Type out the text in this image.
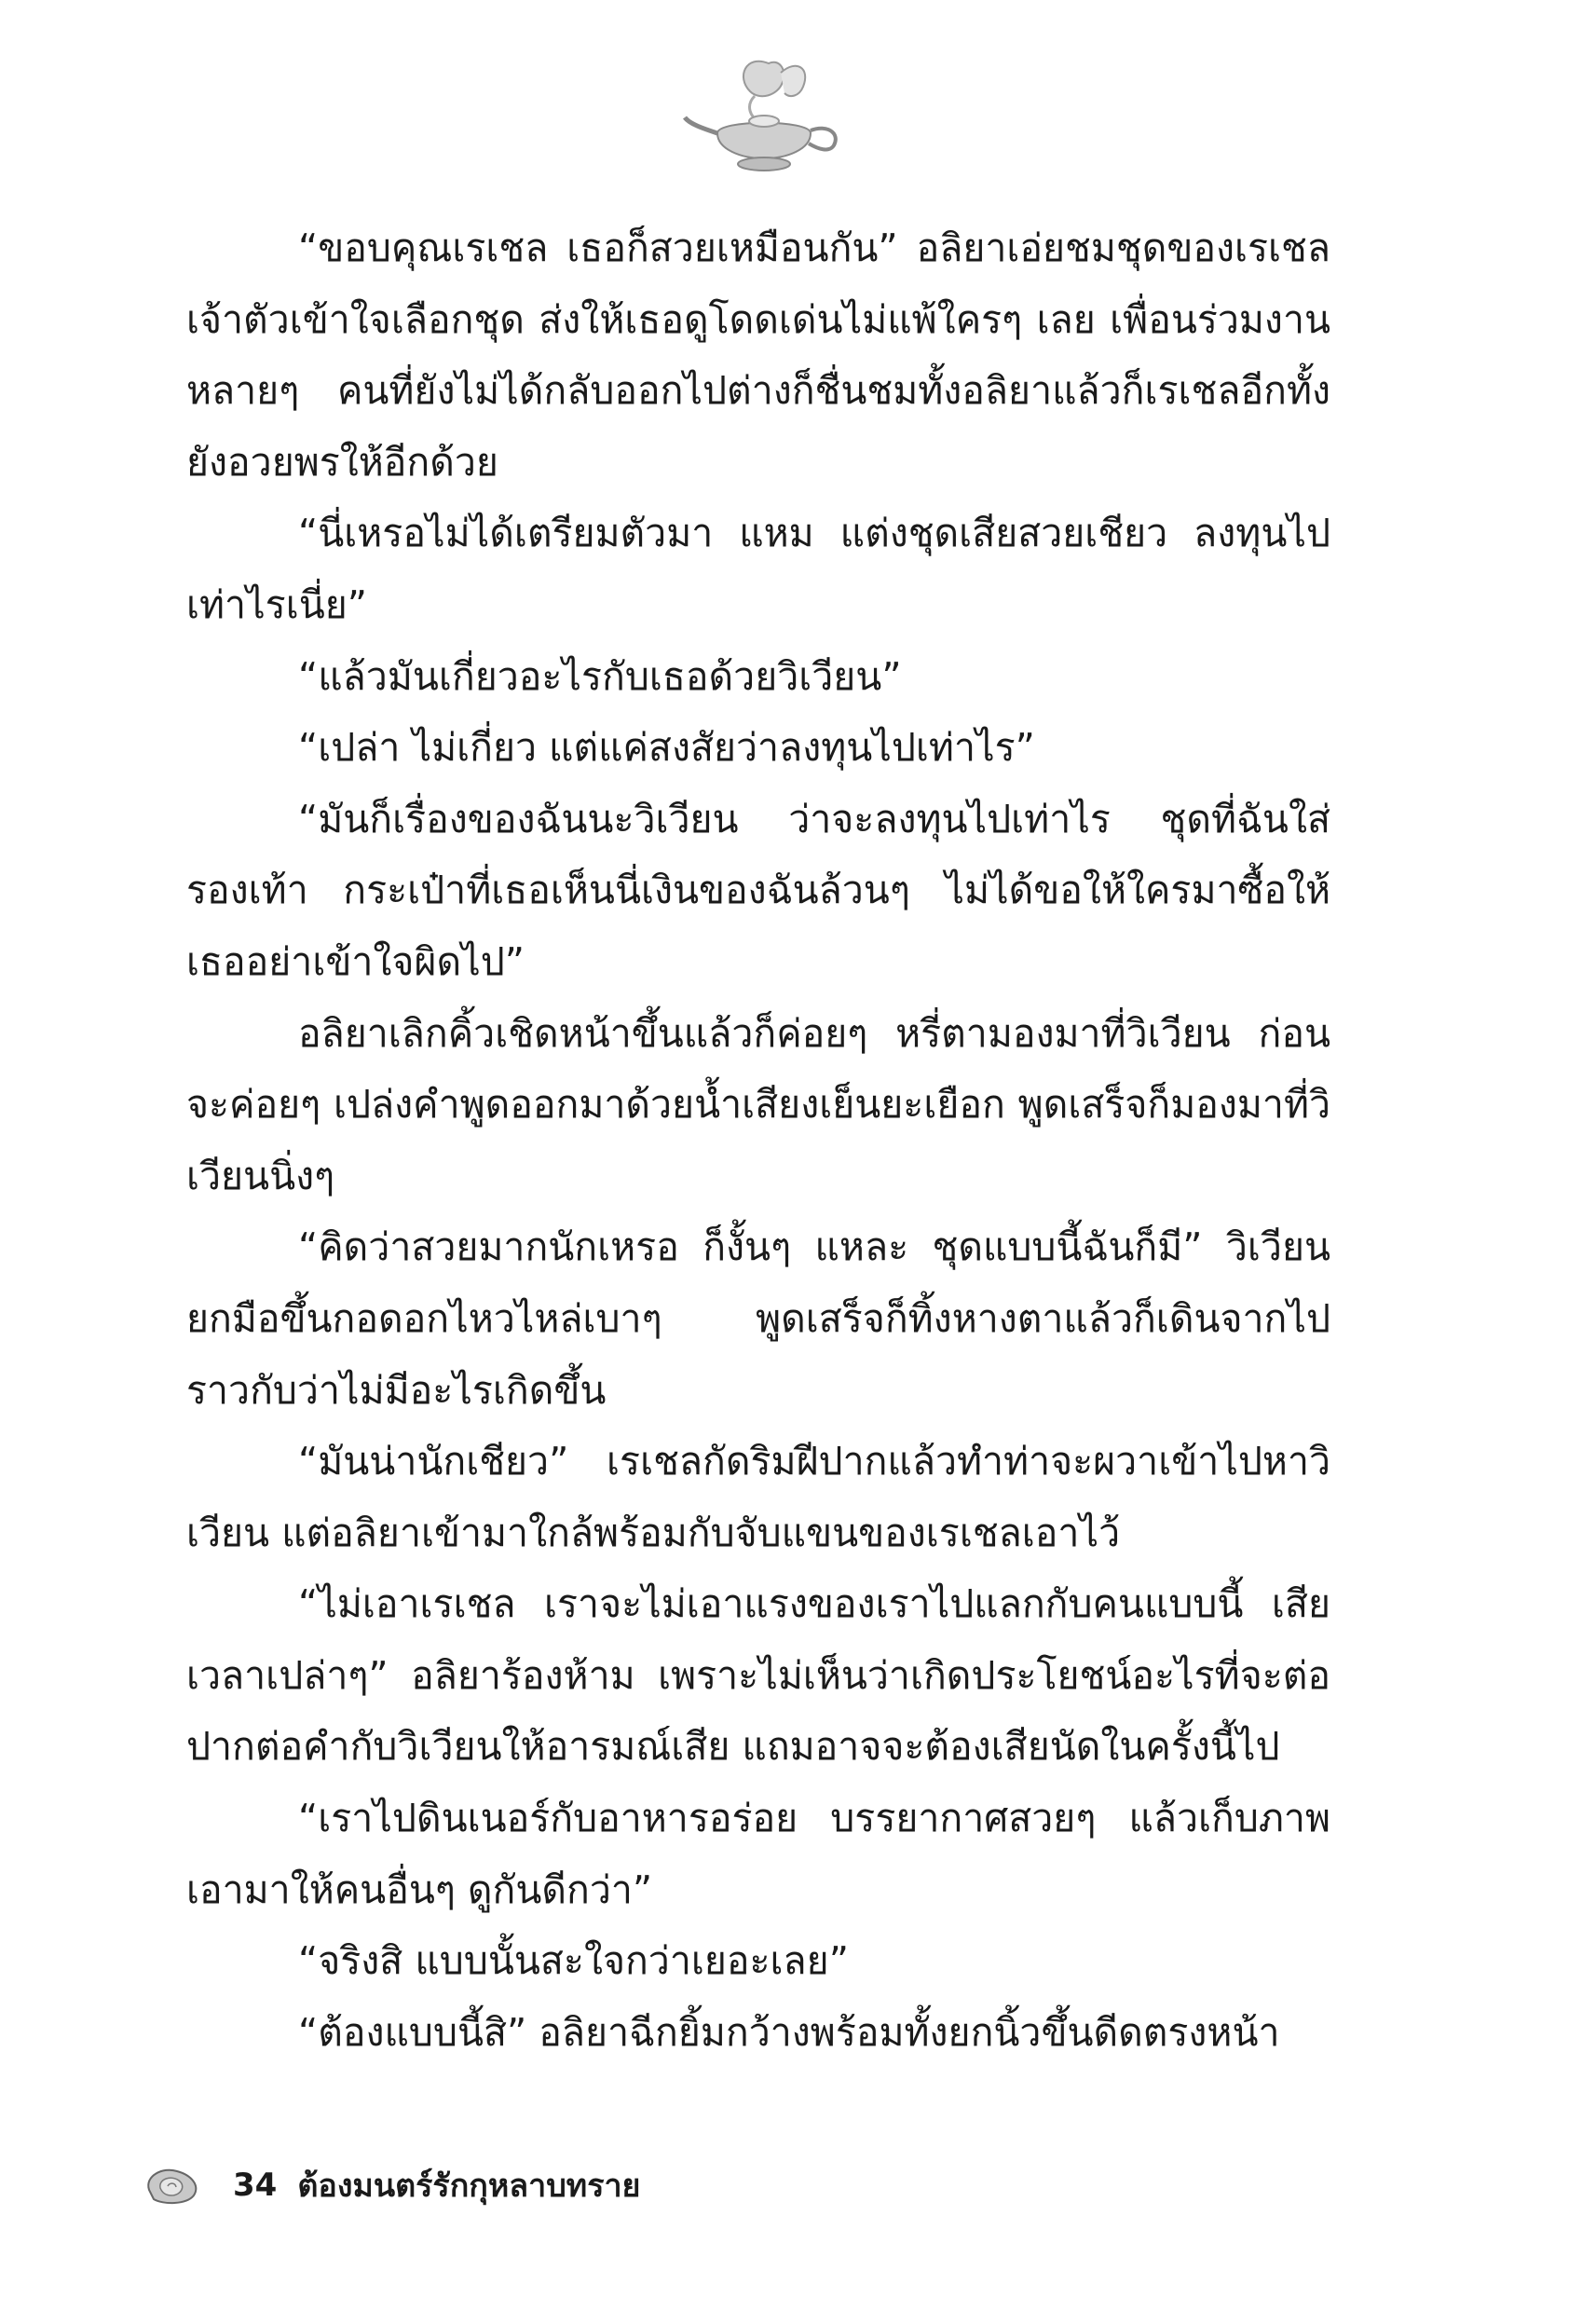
“ขอบคุณเรเชล เธอก็สวยเหมือนกัน” อลิยาเอ่ยชมชุดของเรเชล เจ้าตัวเข้าใจเลือกชุด ส่งให้เธอดูโดดเด่นไม่แพ้ใครๆ เลย เพื่อนร่วมงานหลายๆ คนที่ยังไม่ได้กลับออกไปต่างก็ชื่นชมทั้งอลิยาแล้วก็เรเชลอีกทั้งยังอวยพรให้อีกด้วย

“นี่เหรอไม่ได้เตรียมตัวมา แหม แต่งชุดเสียสวยเชียว ลงทุนไปเท่าไรเนี่ย”

“แล้วมันเกี่ยวอะไรกับเธอด้วยวิเวียน”

“เปล่า ไม่เกี่ยว แต่แค่สงสัยว่าลงทุนไปเท่าไร”

“มันก็เรื่องของฉันนะวิเวียน ว่าจะลงทุนไปเท่าไร ชุดที่ฉันใส่ รองเท้า กระเป๋าที่เธอเห็นนี่เงินของฉันล้วนๆ ไม่ได้ขอให้ใครมาซื้อให้ เธออย่าเข้าใจผิดไป”

อลิยาเลิกคิ้วเชิดหน้าขึ้นแล้วก็ค่อยๆ หรี่ตามองมาที่วิเวียน ก่อนจะค่อยๆ เปล่งคำพูดออกมาด้วยน้ำเสียงเย็นยะเยือก พูดเสร็จก็มองมาที่วิเวียนนิ่งๆ

“คิดว่าสวยมากนักเหรอ ก็งั้นๆ แหละ ชุดแบบนี้ฉันก็มี” วิเวียนยกมือขึ้นกอดอกไหวไหล่เบาๆ พูดเสร็จก็ทิ้งหางตาแล้วก็เดินจากไป ราวกับว่าไม่มีอะไรเกิดขึ้น

“มันน่านักเชียว” เรเชลกัดริมฝีปากแล้วทำท่าจะผวาเข้าไปหาวิเวียน แต่อลิยาเข้ามาใกล้พร้อมกับจับแขนของเรเชลเอาไว้

“ไม่เอาเรเชล เราจะไม่เอาแรงของเราไปแลกกับคนแบบนี้ เสียเวลาเปล่าๆ” อลิยาร้องห้าม เพราะไม่เห็นว่าเกิดประโยชน์อะไรที่จะต่อปากต่อคำกับวิเวียนให้อารมณ์เสีย แถมอาจจะต้องเสียนัดในครั้งนี้ไป

“เราไปดินเนอร์กับอาหารอร่อย บรรยากาศสวยๆ แล้วเก็บภาพเอามาให้คนอื่นๆ ดูกันดีกว่า”

“จริงสิ แบบนั้นสะใจกว่าเยอะเลย”

“ต้องแบบนี้สิ” อลิยาฉีกยิ้มกว้างพร้อมทั้งยกนิ้วขึ้นดีดตรงหน้า

34 ต้องมนตร์รักกุหลาบทราย
